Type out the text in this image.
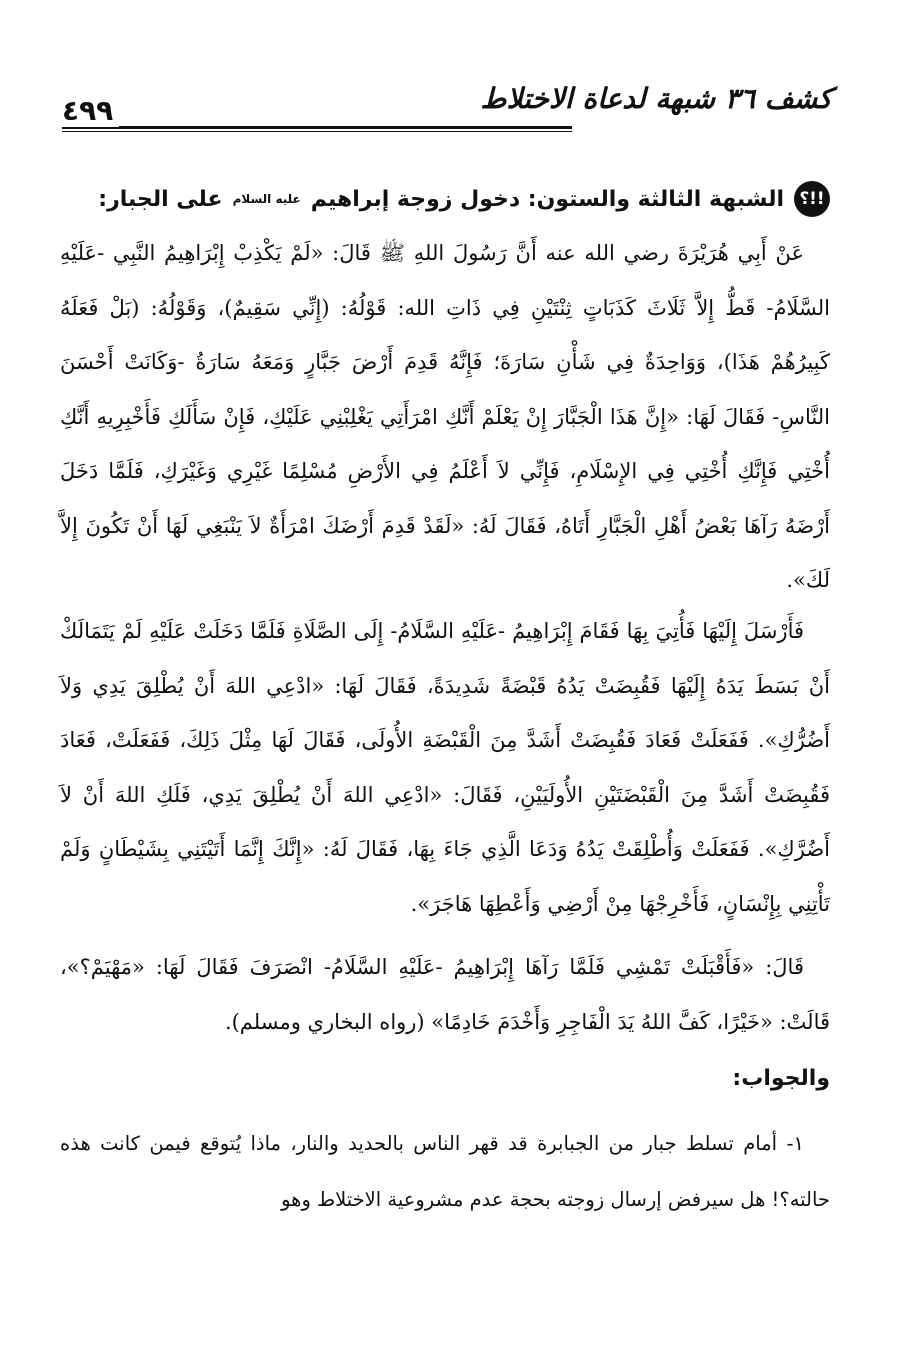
كشف ٣٦ شبهة لدعاة الاختلاط
٤٩٩
!!؟
الشبهة الثالثة والستون: دخول زوجة إبراهيم
عليه السلام
على الجبار:

عَنْ أَبِي هُرَيْرَةَ رضي الله عنه أَنَّ رَسُولَ اللهِ ﷺ قَالَ: «لَمْ يَكْذِبْ إِبْرَاهِيمُ النَّبِي -عَلَيْهِ السَّلَامُ- قَطُّ إِلاَّ ثَلَاثَ كَذَبَاتٍ ثِنْتَيْنِ فِي ذَاتِ الله: قَوْلُهُ: (إِنِّي سَقِيمٌ)، وَقَوْلُهُ: (بَلْ فَعَلَهُ كَبِيرُهُمْ هَذَا)، وَوَاحِدَةٌ فِي شَأْنِ سَارَةَ؛ فَإِنَّهُ قَدِمَ أَرْضَ جَبَّارٍ وَمَعَهُ سَارَةُ -وَكَانَتْ أَحْسَنَ النَّاسِ- فَقَالَ لَهَا: «إِنَّ هَذَا الْجَبَّارَ إِنْ يَعْلَمْ أَنَّكِ امْرَأَتِي يَغْلِبْنِي عَلَيْكِ، فَإِنْ سَأَلَكِ فَأَخْبِرِيهِ أَنَّكِ أُخْتِي فَإِنَّكِ أُخْتِي فِي الإِسْلَامِ، فَإِنِّي لاَ أَعْلَمُ فِي الأَرْضِ مُسْلِمًا غَيْرِي وَغَيْرَكِ، فَلَمَّا دَخَلَ أَرْضَهُ رَآهَا بَعْضُ أَهْلِ الْجَبَّارِ أَتَاهُ، فَقَالَ لَهُ: «لَقَدْ قَدِمَ أَرْضَكَ امْرَأَةٌ لاَ يَنْبَغِي لَهَا أَنْ تَكُونَ إِلاَّ لَكَ».

فَأَرْسَلَ إِلَيْهَا فَأُتِيَ بِهَا فَقَامَ إِبْرَاهِيمُ -عَلَيْهِ السَّلَامُ- إِلَى الصَّلَاةِ فَلَمَّا دَخَلَتْ عَلَيْهِ لَمْ يَتَمَالَكْ أَنْ بَسَطَ يَدَهُ إِلَيْهَا فَقُبِضَتْ يَدُهُ قَبْضَةً شَدِيدَةً، فَقَالَ لَهَا: «ادْعِي اللهَ أَنْ يُطْلِقَ يَدِي وَلاَ أَضُرُّكِ». فَفَعَلَتْ فَعَادَ فَقُبِضَتْ أَشَدَّ مِنَ الْقَبْضَةِ الأُولَى، فَقَالَ لَهَا مِثْلَ ذَلِكَ، فَفَعَلَتْ، فَعَادَ فَقُبِضَتْ أَشَدَّ مِنَ الْقَبْضَتَيْنِ الأُولَيَيْنِ، فَقَالَ: «ادْعِي اللهَ أَنْ يُطْلِقَ يَدِي، فَلَكِ اللهَ أَنْ لاَ أَضُرَّكِ». فَفَعَلَتْ وَأُطْلِقَتْ يَدُهُ وَدَعَا الَّذِي جَاءَ بِهَا، فَقَالَ لَهُ: «إِنَّكَ إِنَّمَا أَتَيْتَنِي بِشَيْطَانٍ وَلَمْ تَأْتِنِي بِإِنْسَانٍ، فَأَخْرِجْهَا مِنْ أَرْضِي وَأَعْطِهَا هَاجَرَ».

قَالَ: «فَأَقْبَلَتْ تَمْشِي فَلَمَّا رَآهَا إِبْرَاهِيمُ -عَلَيْهِ السَّلَامُ- انْصَرَفَ فَقَالَ لَهَا: «مَهْيَمْ؟»، قَالَتْ: «خَيْرًا، كَفَّ اللهُ يَدَ الْفَاجِرِ وَأَخْدَمَ خَادِمًا» (رواه البخاري ومسلم).

والجواب:

١- أمام تسلط جبار من الجبابرة قد قهر الناس بالحديد والنار، ماذا يُتوقع فيمن كانت هذه حالته؟! هل سيرفض إرسال زوجته بحجة عدم مشروعية الاختلاط وهو
